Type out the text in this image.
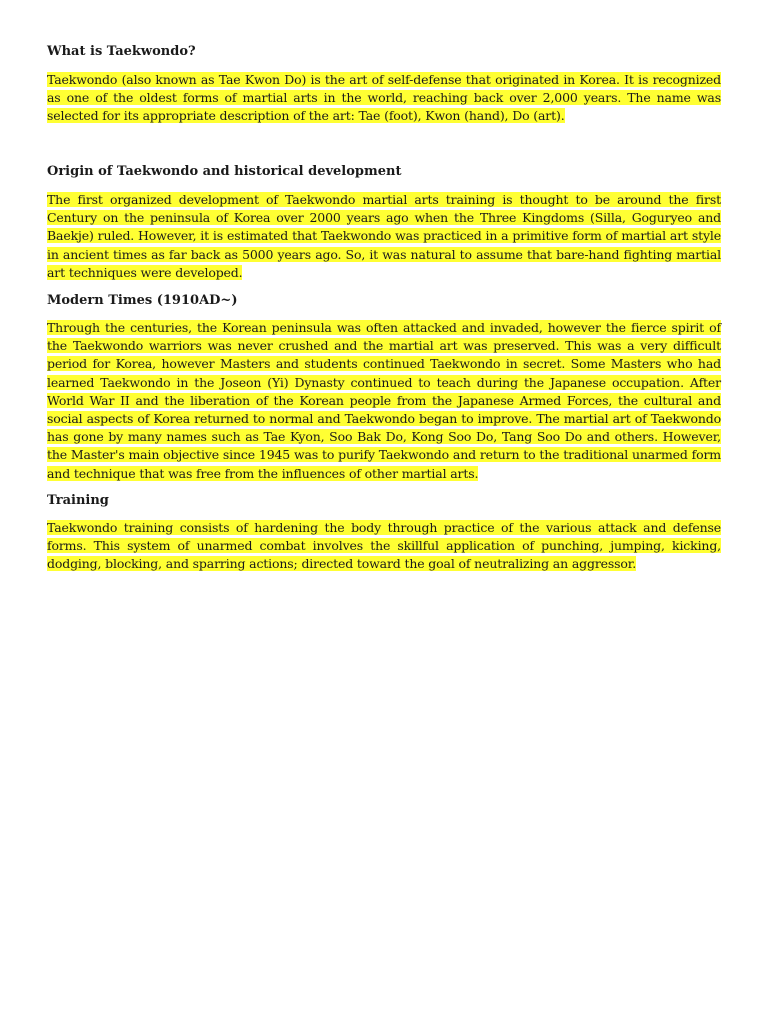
What is Taekwondo?

Taekwondo (also known as Tae Kwon Do) is the art of self-defense that originated in Korea. It is recognized as one of the oldest forms of martial arts in the world, reaching back over 2,000 years. The name was selected for its appropriate description of the art: Tae (foot), Kwon (hand), Do (art).

Origin of Taekwondo and historical development

The first organized development of Taekwondo martial arts training is thought to be around the first Century on the peninsula of Korea over 2000 years ago when the Three Kingdoms (Silla, Goguryeo and Baekje) ruled. However, it is estimated that Taekwondo was practiced in a primitive form of martial art style in ancient times as far back as 5000 years ago. So, it was natural to assume that bare-hand fighting martial art techniques were developed.

Modern Times (1910AD~)

Through the centuries, the Korean peninsula was often attacked and invaded, however the fierce spirit of the Taekwondo warriors was never crushed and the martial art was preserved. This was a very difficult period for Korea, however Masters and students continued Taekwondo in secret. Some Masters who had learned Taekwondo in the Joseon (Yi) Dynasty continued to teach during the Japanese occupation. After World War II and the liberation of the Korean people from the Japanese Armed Forces, the cultural and social aspects of Korea returned to normal and Taekwondo began to improve. The martial art of Taekwondo has gone by many names such as Tae Kyon, Soo Bak Do, Kong Soo Do, Tang Soo Do and others. However, the Master's main objective since 1945 was to purify Taekwondo and return to the traditional unarmed form and technique that was free from the influences of other martial arts.

Training

Taekwondo training consists of hardening the body through practice of the various attack and defense forms. This system of unarmed combat involves the skillful application of punching, jumping, kicking, dodging, blocking, and sparring actions; directed toward the goal of neutralizing an aggressor.
